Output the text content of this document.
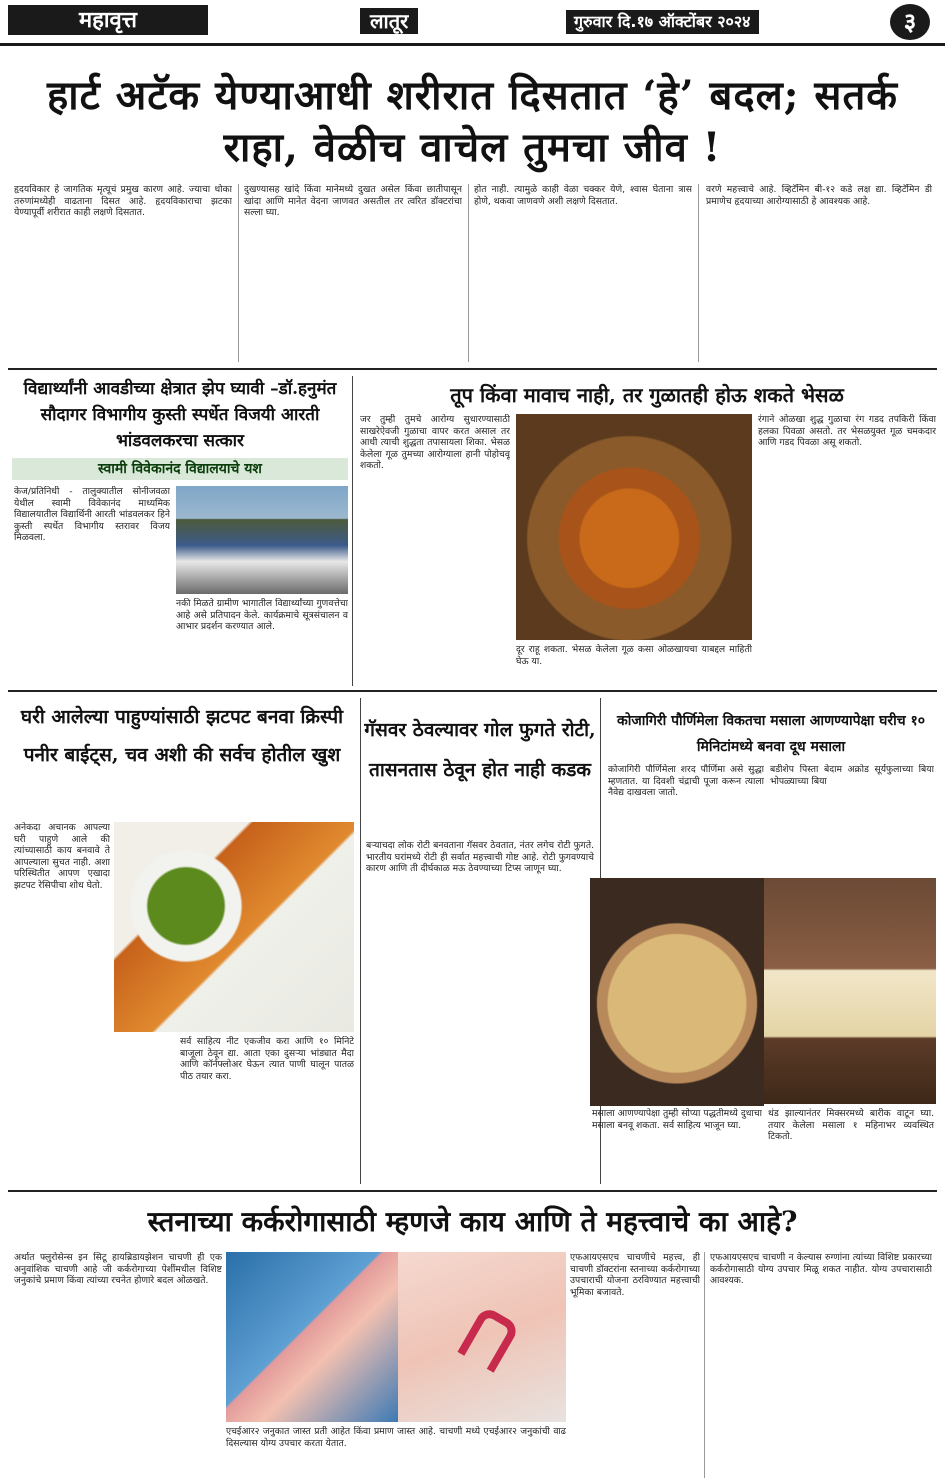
महावृत्त	लातूर	गुरुवार दि.१७ ऑक्टोंबर २०२४	३
हार्ट अटॅक येण्याआधी शरीरात दिसतात ‘हे’ बदल; सतर्क राहा, वेळीच वाचेल तुमचा जीव !
हृदयविकार हे जागतिक मृत्यूचं प्रमुख कारण आहे. ज्याचा धोका तरुणांमध्येही वाढताना दिसत आहे. हृदयविकाराचा झटका येण्यापूर्वी शरीरात काही लक्षणे दिसतात.
दुखण्यासह खांदे किंवा मानेमध्ये दुखत असेल किंवा छातीपासून खांदा आणि मानेत वेदना जाणवत असतील तर त्वरित डॉक्टरांचा सल्ला घ्या.
होत नाही. त्यामुळे काही वेळा चक्कर येणे, श्वास घेताना त्रास होणे, थकवा जाणवणे अशी लक्षणे दिसतात.
वरणे महत्त्वाचे आहे. व्हिटॅमिन बी-१२ कडे लक्ष द्या. व्हिटॅमिन डी प्रमाणेच हृदयाच्या आरोग्यासाठी हे आवश्यक आहे.
विद्यार्थ्यांनी आवडीच्या क्षेत्रात झेप घ्यावी –डॉ.हनुमंत सौदागर विभागीय कुस्ती स्पर्धेत विजयी आरती भांडवलकरचा सत्कार
स्वामी विवेकानंद विद्यालयाचे यश
केज/प्रतिनिधी - तालुक्यातील सोनीजवळा येथील स्वामी विवेकानंद माध्यमिक विद्यालयातील विद्यार्थिनी आरती भांडवलकर हिने कुस्ती स्पर्धेत विभागीय स्तरावर विजय मिळवला.
नकी मिळते ग्रामीण भागातील विद्यार्थ्यांच्या गुणवत्तेचा आहे असे प्रतिपादन केले. कार्यक्रमाचे सूत्रसंचालन व आभार प्रदर्शन करण्यात आले.
तूप किंवा मावाच नाही, तर गुळातही होऊ शकते भेसळ
जर तुम्ही तुमचे आरोग्य सुधारण्यासाठी साखरेऐवजी गुळाचा वापर करत असाल तर आधी त्याची शुद्धता तपासायला शिका. भेसळ केलेला गूळ तुमच्या आरोग्याला हानी पोहोचवू शकतो.
दूर राहू शकता. भेसळ केलेला गूळ कसा ओळखायचा याबद्दल माहिती घेऊ या.
रंगाने ओळखा शुद्ध गुळाचा रंग गडद तपकिरी किंवा हलका पिवळा असतो. तर भेसळयुक्त गूळ चमकदार आणि गडद पिवळा असू शकतो.
घरी आलेल्या पाहुण्यांसाठी झटपट बनवा क्रिस्पी पनीर बाईट्स, चव अशी की सर्वच होतील खुश
अनेकदा अचानक आपल्या घरी पाहुणे आले की त्यांच्यासाठी काय बनवावे ते आपल्याला सुचत नाही. अशा परिस्थितीत आपण एखादा झटपट रेसिपीचा शोध घेतो.
सर्व साहित्य नीट एकजीव करा आणि १० मिनिटे बाजूला ठेवून द्या. आता एका दुसऱ्या भांड्यात मैदा आणि कॉर्नफ्लोअर घेऊन त्यात पाणी घालून पातळ पीठ तयार करा.
गॅसवर ठेवल्यावर गोल फुगते रोटी, तासनतास ठेवून होत नाही कडक
बऱ्याचदा लोक रोटी बनवताना गॅसवर ठेवतात, नंतर लगेच रोटी फुगते. भारतीय घरांमध्ये रोटी ही सर्वात महत्त्वाची गोष्ट आहे. रोटी फुगवण्याचे कारण आणि ती दीर्घकाळ मऊ ठेवण्याच्या टिप्स जाणून घ्या.
कोजागिरी पौर्णिमेला विकतचा मसाला आणण्यापेक्षा घरीच १० मिनिटांमध्ये बनवा दूध मसाला
कोजागिरी पौर्णिमेला शरद पौर्णिमा असे सुद्धा म्हणतात. या दिवशी चंद्राची पूजा करून त्याला नैवेद्य दाखवला जातो.
बडीशेप पिस्ता बेदाम अक्रोड सूर्यफुलाच्या बिया भोपळ्याच्या बिया
मसाला आणण्यापेक्षा तुम्ही सोप्या पद्धतीमध्ये दुधाचा मसाला बनवू शकता. सर्व साहित्य भाजून घ्या.
थंड झाल्यानंतर मिक्सरमध्ये बारीक वाटून घ्या. तयार केलेला मसाला १ महिनाभर व्यवस्थित टिकतो.
स्तनाच्या कर्करोगासाठी म्हणजे काय आणि ते महत्त्वाचे का आहे?
अर्थात फ्लुरोसेन्स इन सिटू हायब्रिडायझेशन चाचणी ही एक अनुवांशिक चाचणी आहे जी कर्करोगाच्या पेशींमधील विशिष्ट जनुकांचे प्रमाण किंवा त्यांच्या रचनेत होणारे बदल ओळखते.
एचईआर२ जनुकात जास्त प्रती आहेत किंवा प्रमाण जास्त आहे. चाचणी मध्ये एचईआर२ जनुकांची वाढ दिसल्यास योग्य उपचार करता येतात.
एफआयएसएच चाचणीचे महत्त्व, ही चाचणी डॉक्टरांना स्तनाच्या कर्करोगाच्या उपचाराची योजना ठरविण्यात महत्त्वाची भूमिका बजावते.
एफआयएसएच चाचणी न केल्यास रुग्णांना त्यांच्या विशिष्ट प्रकारच्या कर्करोगासाठी योग्य उपचार मिळू शकत नाहीत. योग्य उपचारासाठी आवश्यक.
